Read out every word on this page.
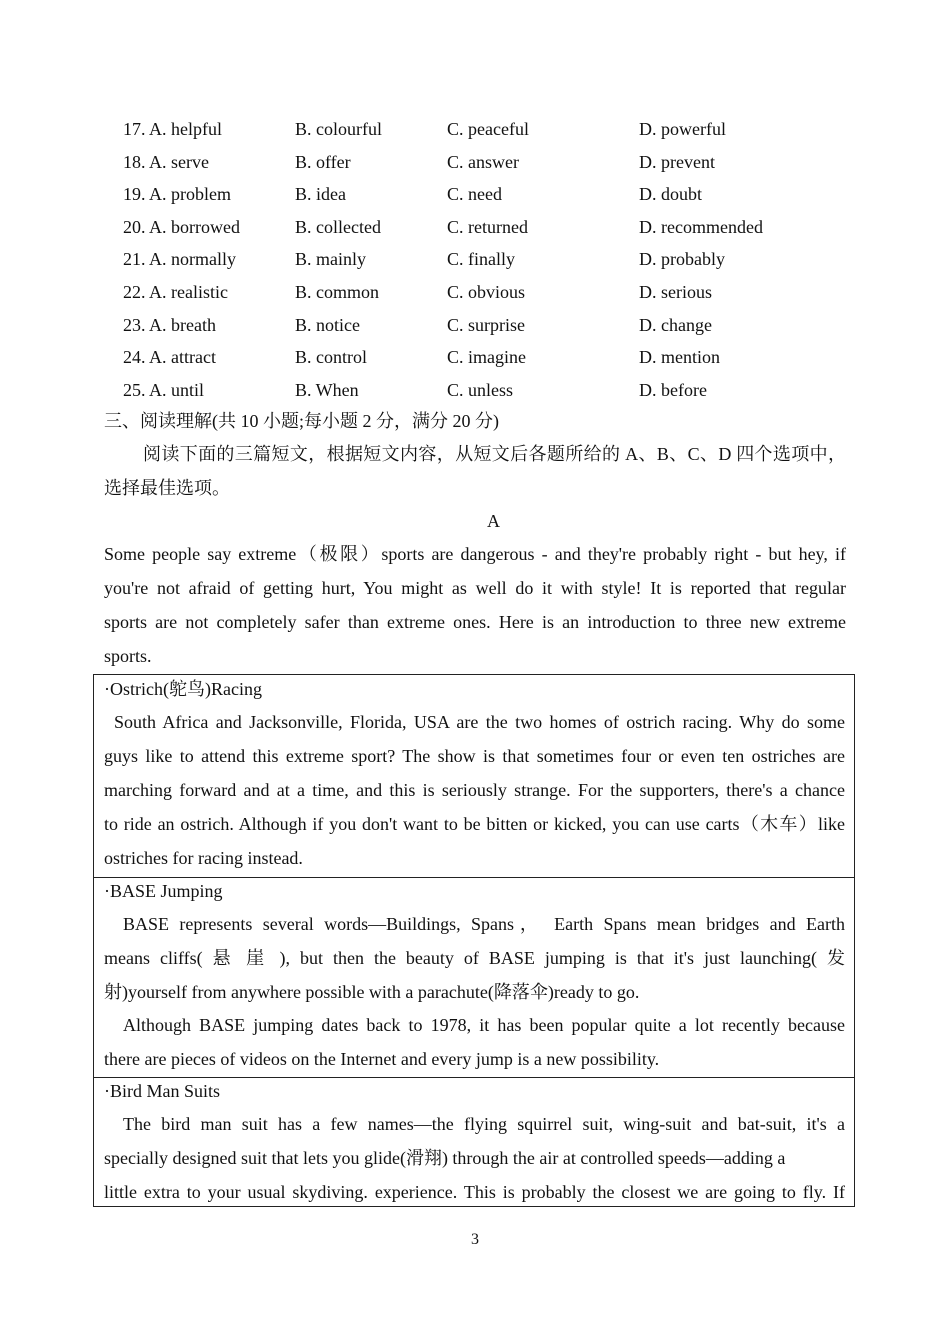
17. A. helpful	B. colourful	C. peaceful	D. powerful
18. A. serve	B. offer	C. answer	D. prevent
19. A. problem	B. idea	C. need	D. doubt
20. A. borrowed	B. collected	C. returned	D. recommended
21. A. normally	B. mainly	C. finally	D. probably
22. A. realistic	B. common	C. obvious	D. serious
23. A. breath	B. notice	C. surprise	D. change
24. A. attract	B. control	C. imagine	D. mention
25. A. until	B. When	C. unless	D. before
三、阅读理解(共 10 小题;每小题 2 分，满分 20 分)
阅读下面的三篇短文，根据短文内容，从短文后各题所给的 A、B、C、D 四个选项中，
选择最佳选项。
A
Some people say extreme（极限）sports are dangerous - and they're probably right - but hey, if
you're not afraid of getting hurt, You might as well do it with style! It is reported that regular
sports are not completely safer than extreme ones. Here is an introduction to three new extreme
sports.
·Ostrich(鸵鸟)Racing
South Africa and Jacksonville, Florida, USA are the two homes of ostrich racing. Why do some
guys like to attend this extreme sport? The show is that sometimes four or even ten ostriches are
marching forward and at a time, and this is seriously strange. For the supporters, there's a chance
to ride an ostrich. Although if you don't want to be bitten or kicked, you can use carts（木车）like
ostriches for racing instead.
·BASE Jumping
BASE represents several words—Buildings, Spans， Earth Spans mean bridges and Earth
means cliffs( 悬 崖 ), but then the beauty of BASE jumping is that it's just launching( 发
射)yourself from anywhere possible with a parachute(降落伞)ready to go.
Although BASE jumping dates back to 1978, it has been popular quite a lot recently because
there are pieces of videos on the Internet and every jump is a new possibility.
·Bird Man Suits
The bird man suit has a few names—the flying squirrel suit, wing-suit and bat-suit, it's a
specially designed suit that lets you glide(滑翔) through the air at controlled speeds—adding a
little extra to your usual skydiving. experience. This is probably the closest we are going to fly. If
3
